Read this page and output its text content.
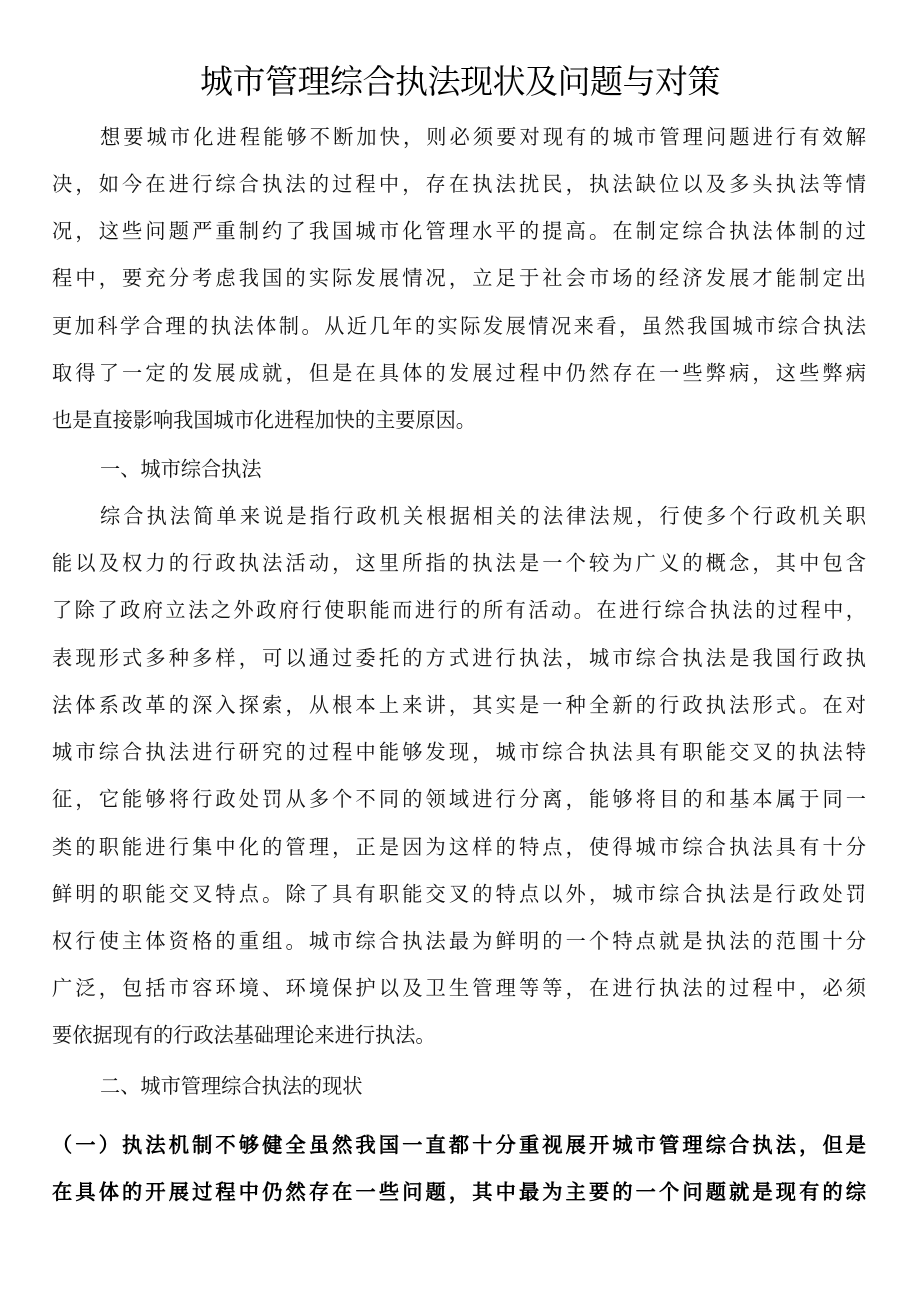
城市管理综合执法现状及问题与对策
想要城市化进程能够不断加快，则必须要对现有的城市管理问题进行有效解
决，如今在进行综合执法的过程中，存在执法扰民，执法缺位以及多头执法等情
况，这些问题严重制约了我国城市化管理水平的提高。在制定综合执法体制的过
程中，要充分考虑我国的实际发展情况，立足于社会市场的经济发展才能制定出
更加科学合理的执法体制。从近几年的实际发展情况来看，虽然我国城市综合执法
取得了一定的发展成就，但是在具体的发展过程中仍然存在一些弊病，这些弊病
也是直接影响我国城市化进程加快的主要原因。
一、城市综合执法
综合执法简单来说是指行政机关根据相关的法律法规，行使多个行政机关职
能以及权力的行政执法活动，这里所指的执法是一个较为广义的概念，其中包含
了除了政府立法之外政府行使职能而进行的所有活动。在进行综合执法的过程中，
表现形式多种多样，可以通过委托的方式进行执法，城市综合执法是我国行政执
法体系改革的深入探索，从根本上来讲，其实是一种全新的行政执法形式。在对
城市综合执法进行研究的过程中能够发现，城市综合执法具有职能交叉的执法特
征，它能够将行政处罚从多个不同的领域进行分离，能够将目的和基本属于同一
类的职能进行集中化的管理，正是因为这样的特点，使得城市综合执法具有十分
鲜明的职能交叉特点。除了具有职能交叉的特点以外，城市综合执法是行政处罚
权行使主体资格的重组。城市综合执法最为鲜明的一个特点就是执法的范围十分
广泛，包括市容环境、环境保护以及卫生管理等等，在进行执法的过程中，必须
要依据现有的行政法基础理论来进行执法。
二、城市管理综合执法的现状
（一）执法机制不够健全虽然我国一直都十分重视展开城市管理综合执法，但是
在具体的开展过程中仍然存在一些问题，其中最为主要的一个问题就是现有的综
